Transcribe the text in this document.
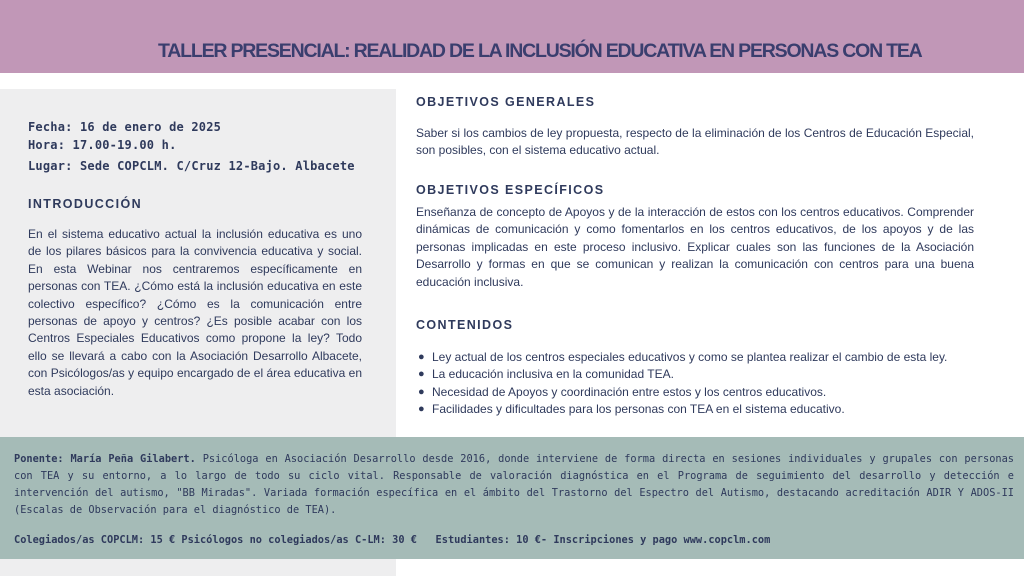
TALLER PRESENCIAL: REALIDAD DE LA INCLUSIÓN EDUCATIVA EN PERSONAS CON TEA
Fecha: 16 de enero de 2025
Hora: 17.00-19.00 h.
Lugar: Sede COPCLM. C/Cruz 12-Bajo. Albacete
INTRODUCCIÓN
En el sistema educativo actual la inclusión educativa es uno de los pilares básicos para la convivencia educativa y social. En esta Webinar nos centraremos específicamente en personas con TEA. ¿Cómo está la inclusión educativa en este colectivo específico? ¿Cómo es la comunicación entre personas de apoyo y centros? ¿Es posible acabar con los Centros Especiales Educativos como propone la ley? Todo ello se llevará a cabo con la Asociación Desarrollo Albacete, con Psicólogos/as y equipo encargado de el área educativa en esta asociación.
OBJETIVOS GENERALES
Saber si los cambios de ley propuesta, respecto de la eliminación de los Centros de Educación Especial, son posibles, con el sistema educativo actual.
OBJETIVOS ESPECÍFICOS
Enseñanza de concepto de Apoyos y de la interacción de estos con los centros educativos. Comprender dinámicas de comunicación y como fomentarlos en los centros educativos, de los apoyos y de las personas implicadas en este proceso inclusivo. Explicar cuales son las funciones de la Asociación Desarrollo y formas en que se comunican y realizan la comunicación con centros para una buena educación inclusiva.
CONTENIDOS
● Ley actual de los centros especiales educativos y como se plantea realizar el cambio de esta ley.
● La educación inclusiva en la comunidad TEA.
● Necesidad de Apoyos y coordinación entre estos y los centros educativos.
● Facilidades y dificultades para los personas con TEA en el sistema educativo.
Ponente: María Peña Gilabert. Psicóloga en Asociación Desarrollo desde 2016, donde interviene de forma directa en sesiones individuales y grupales con personas con TEA y su entorno, a lo largo de todo su ciclo vital. Responsable de valoración diagnóstica en el Programa de seguimiento del desarrollo y detección e intervención del autismo, "BB Miradas". Variada formación específica en el ámbito del Trastorno del Espectro del Autismo, destacando acreditación ADIR Y ADOS-II (Escalas de Observación para el diagnóstico de TEA).
Colegiados/as COPCLM: 15 € Psicólogos no colegiados/as C-LM: 30 €   Estudiantes: 10 €- Inscripciones y pago www.copclm.com
